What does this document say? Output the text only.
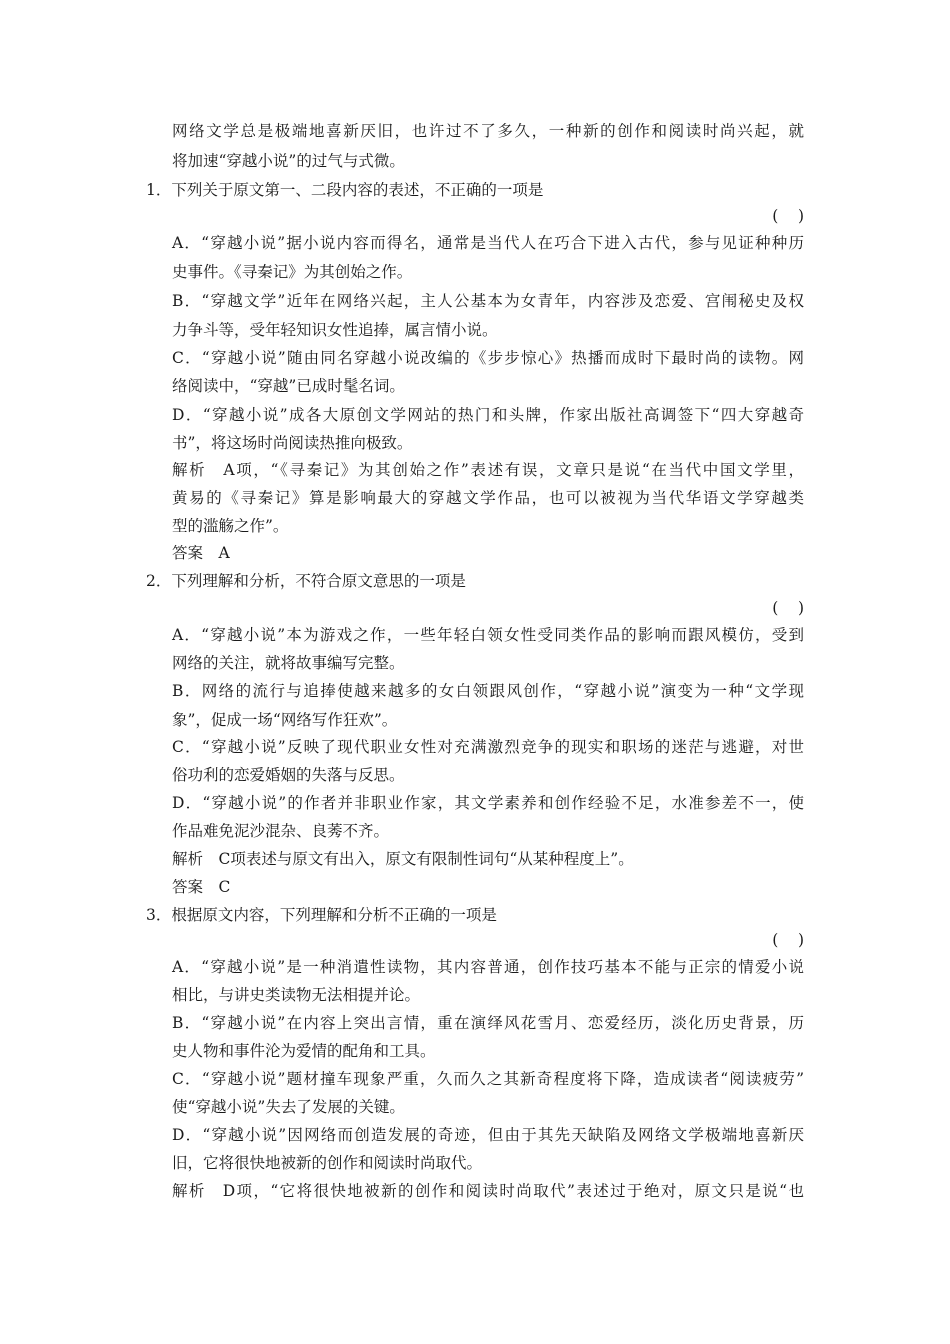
网络文学总是极端地喜新厌旧，也许过不了多久，一种新的创作和阅读时尚兴起，就
将加速“穿越小说”的过气与式微。
1．下列关于原文第一、二段内容的表述，不正确的一项是
(    )
A．“穿越小说”据小说内容而得名，通常是当代人在巧合下进入古代，参与见证种种历
史事件。《寻秦记》为其创始之作。
B．“穿越文学”近年在网络兴起，主人公基本为女青年，内容涉及恋爱、宫闱秘史及权
力争斗等，受年轻知识女性追捧，属言情小说。
C．“穿越小说”随由同名穿越小说改编的《步步惊心》热播而成时下最时尚的读物。网
络阅读中，“穿越”已成时髦名词。
D．“穿越小说”成各大原创文学网站的热门和头牌，作家出版社高调签下“四大穿越奇
书”，将这场时尚阅读热推向极致。
解析　A项，“《寻秦记》为其创始之作”表述有误，文章只是说“在当代中国文学里，
黄易的《寻秦记》算是影响最大的穿越文学作品，也可以被视为当代华语文学穿越类
型的滥觞之作”。
答案　A
2．下列理解和分析，不符合原文意思的一项是
(    )
A．“穿越小说”本为游戏之作，一些年轻白领女性受同类作品的影响而跟风模仿，受到
网络的关注，就将故事编写完整。
B．网络的流行与追捧使越来越多的女白领跟风创作，“穿越小说”演变为一种“文学现
象”，促成一场“网络写作狂欢”。
C．“穿越小说”反映了现代职业女性对充满激烈竞争的现实和职场的迷茫与逃避，对世
俗功利的恋爱婚姻的失落与反思。
D．“穿越小说”的作者并非职业作家，其文学素养和创作经验不足，水准参差不一，使
作品难免泥沙混杂、良莠不齐。
解析　C项表述与原文有出入，原文有限制性词句“从某种程度上”。
答案　C
3．根据原文内容，下列理解和分析不正确的一项是
(    )
A．“穿越小说”是一种消遣性读物，其内容普通，创作技巧基本不能与正宗的情爱小说
相比，与讲史类读物无法相提并论。
B．“穿越小说”在内容上突出言情，重在演绎风花雪月、恋爱经历，淡化历史背景，历
史人物和事件沦为爱情的配角和工具。
C．“穿越小说”题材撞车现象严重，久而久之其新奇程度将下降，造成读者“阅读疲劳”
使“穿越小说”失去了发展的关键。
D．“穿越小说”因网络而创造发展的奇迹，但由于其先天缺陷及网络文学极端地喜新厌
旧，它将很快地被新的创作和阅读时尚取代。
解析　D项，“它将很快地被新的创作和阅读时尚取代”表述过于绝对，原文只是说“也
